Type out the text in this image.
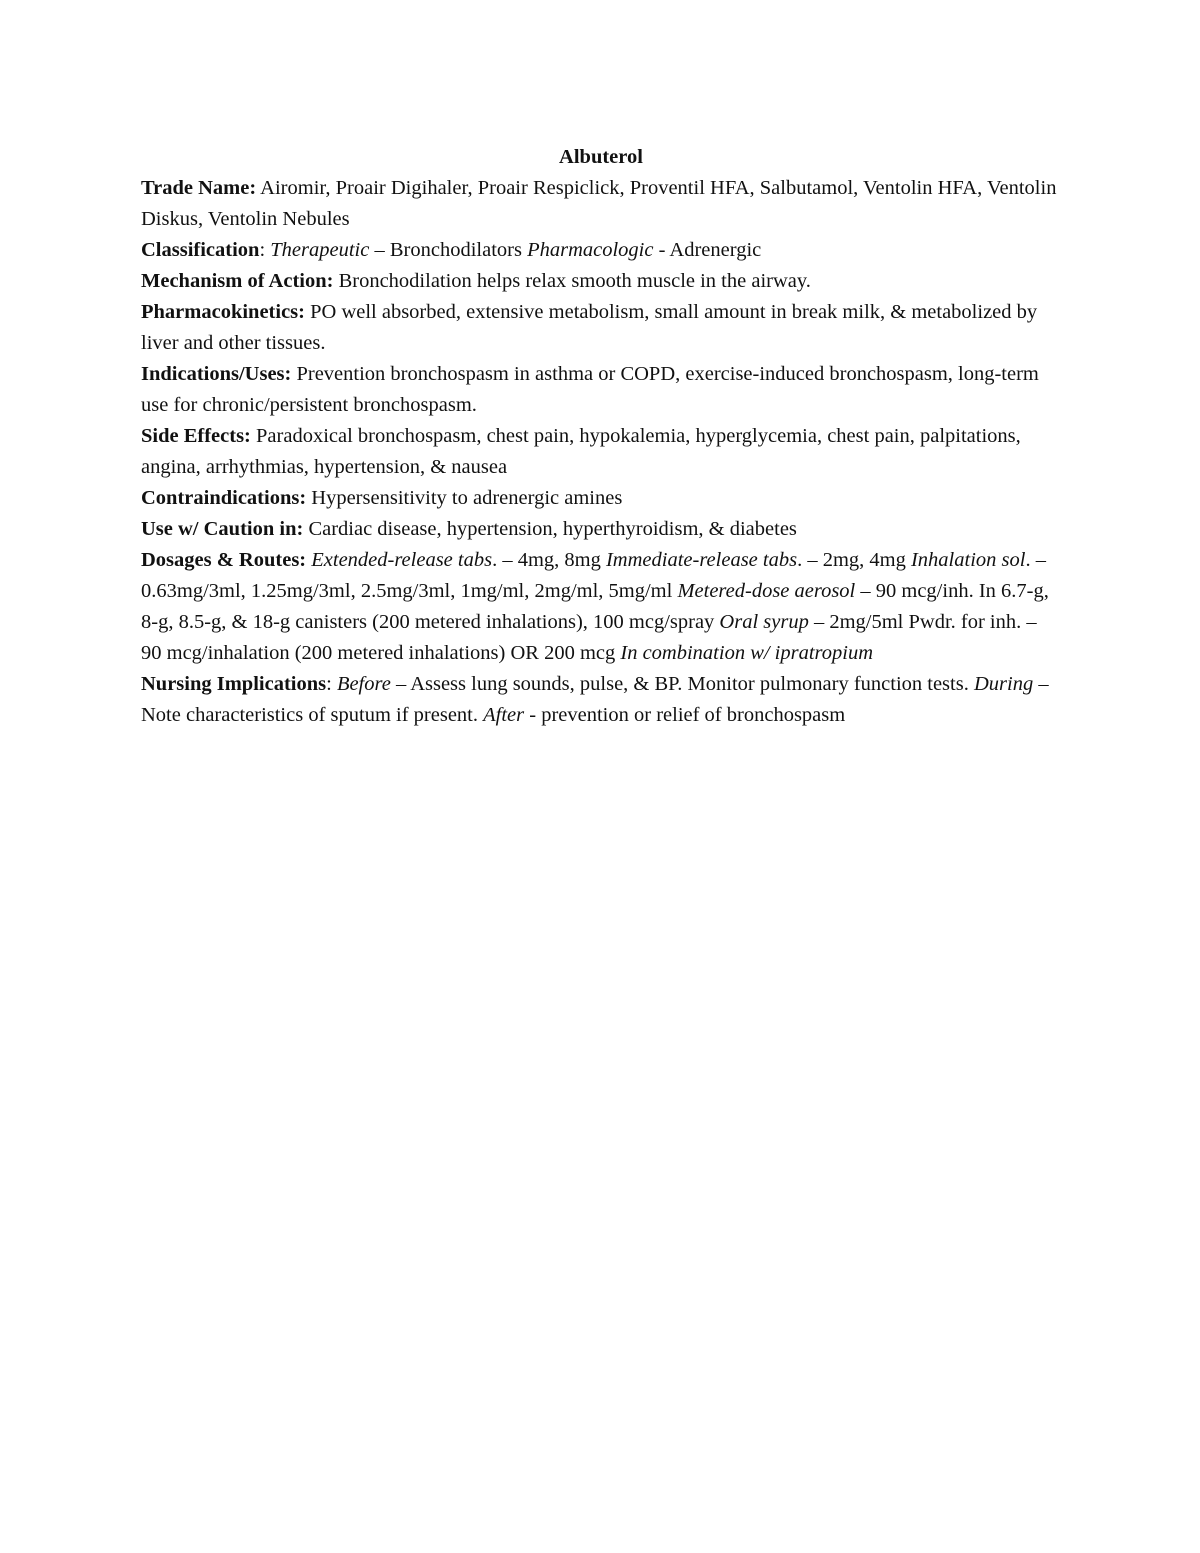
Albuterol

Trade Name: Airomir, Proair Digihaler, Proair Respiclick, Proventil HFA, Salbutamol, Ventolin HFA, Ventolin Diskus, Ventolin Nebules

Classification: Therapeutic – Bronchodilators Pharmacologic - Adrenergic

Mechanism of Action: Bronchodilation helps relax smooth muscle in the airway.

Pharmacokinetics: PO well absorbed, extensive metabolism, small amount in break milk, & metabolized by liver and other tissues.

Indications/Uses: Prevention bronchospasm in asthma or COPD, exercise-induced bronchospasm, long-term use for chronic/persistent bronchospasm.

Side Effects: Paradoxical bronchospasm, chest pain, hypokalemia, hyperglycemia, chest pain, palpitations, angina, arrhythmias, hypertension, & nausea

Contraindications: Hypersensitivity to adrenergic amines

Use w/ Caution in: Cardiac disease, hypertension, hyperthyroidism, & diabetes

Dosages & Routes: Extended-release tabs. – 4mg, 8mg Immediate-release tabs. – 2mg, 4mg Inhalation sol. – 0.63mg/3ml, 1.25mg/3ml, 2.5mg/3ml, 1mg/ml, 2mg/ml, 5mg/ml Metered-dose aerosol – 90 mcg/inh. In 6.7-g, 8-g, 8.5-g, & 18-g canisters (200 metered inhalations), 100 mcg/spray Oral syrup – 2mg/5ml Pwdr. for inh. – 90 mcg/inhalation (200 metered inhalations) OR 200 mcg In combination w/ ipratropium

Nursing Implications: Before – Assess lung sounds, pulse, & BP. Monitor pulmonary function tests. During – Note characteristics of sputum if present. After - prevention or relief of bronchospasm
